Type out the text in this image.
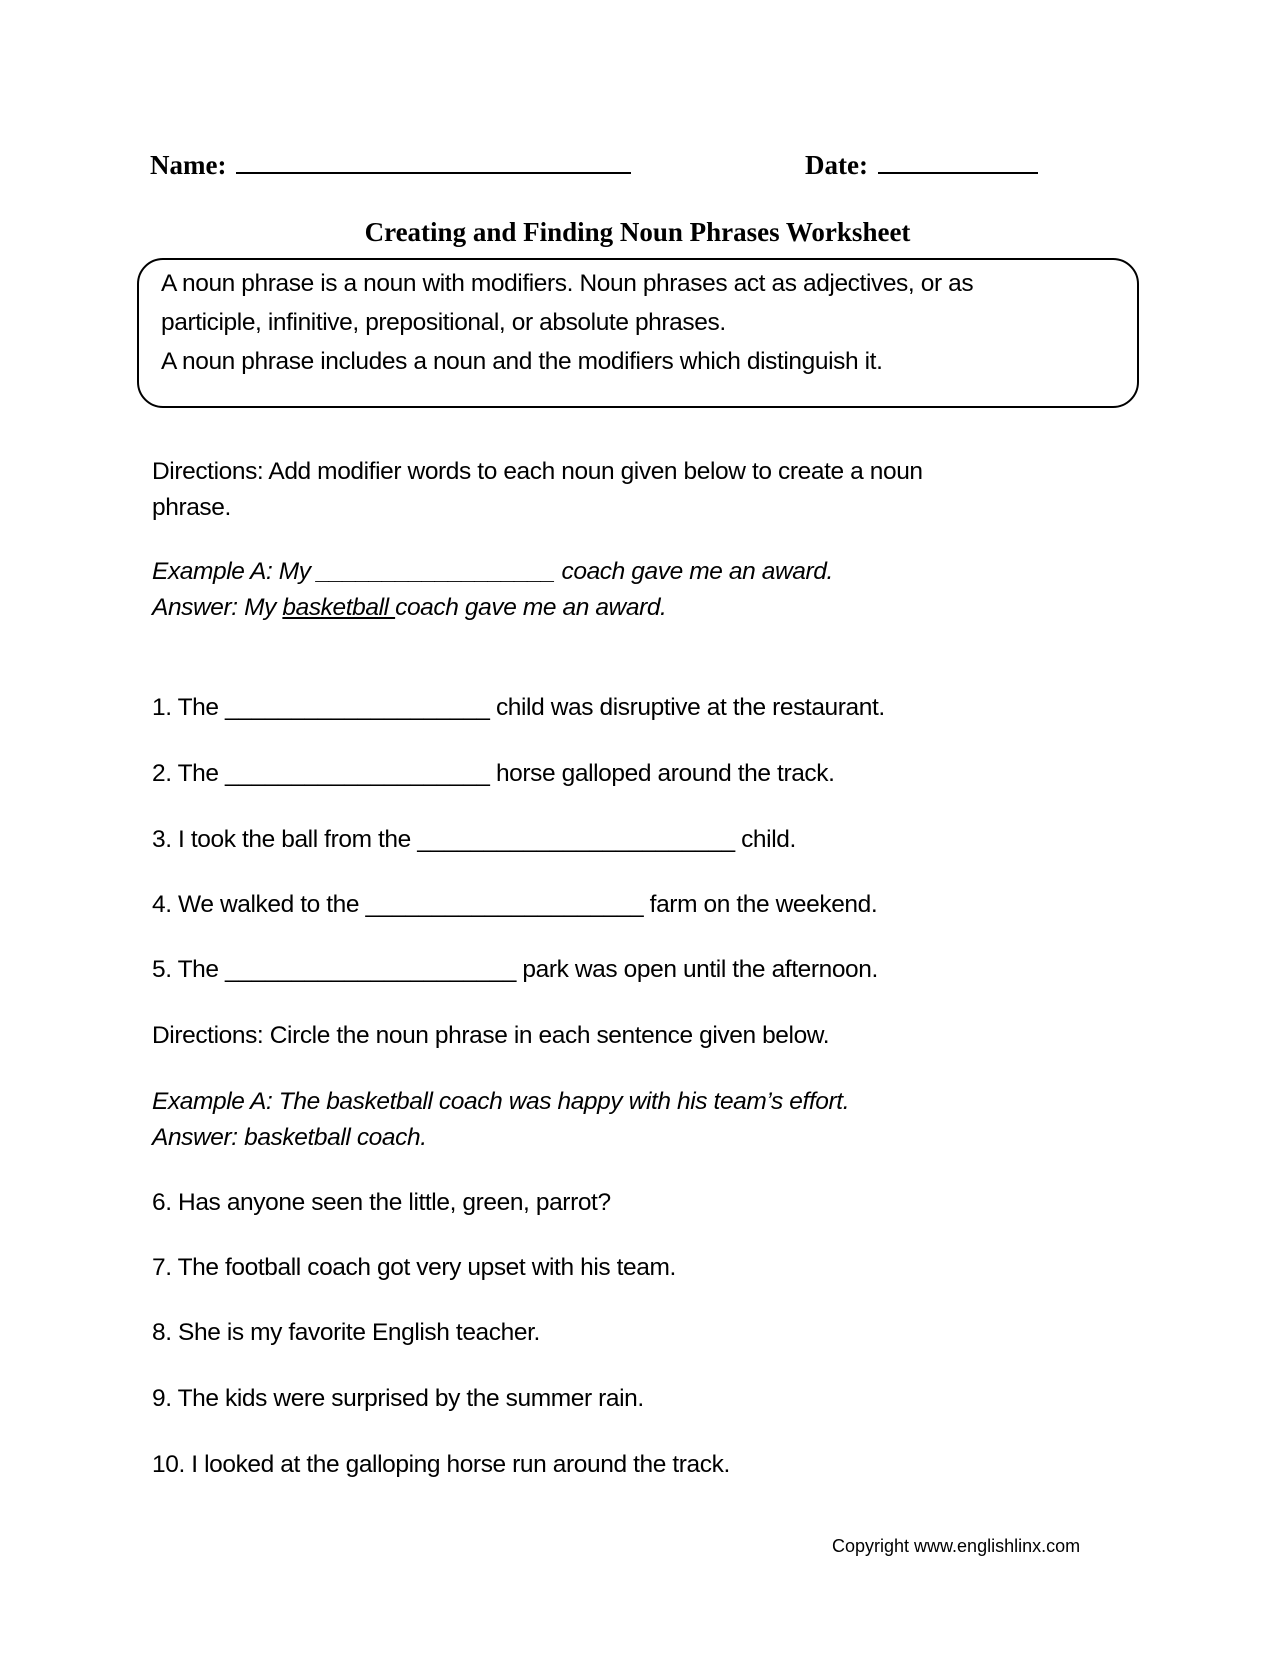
Name:	Date:
Creating and Finding Noun Phrases Worksheet
A noun phrase is a noun with modifiers. Noun phrases act as adjectives, or as
participle, infinitive, prepositional, or absolute phrases.
A noun phrase includes a noun and the modifiers which distinguish it.
Directions: Add modifier words to each noun given below to create a noun
phrase.
Example A: My __________________ coach gave me an award.
Answer: My basketball coach gave me an award.
1. The ____________________ child was disruptive at the restaurant.
2. The ____________________ horse galloped around the track.
3. I took the ball from the ________________________ child.
4. We walked to the _____________________ farm on the weekend.
5. The ______________________ park was open until the afternoon.
Directions: Circle the noun phrase in each sentence given below.
Example A: The basketball coach was happy with his team’s effort.
Answer: basketball coach.
6. Has anyone seen the little, green, parrot?
7. The football coach got very upset with his team.
8. She is my favorite English teacher.
9. The kids were surprised by the summer rain.
10. I looked at the galloping horse run around the track.
Copyright www.englishlinx.com
